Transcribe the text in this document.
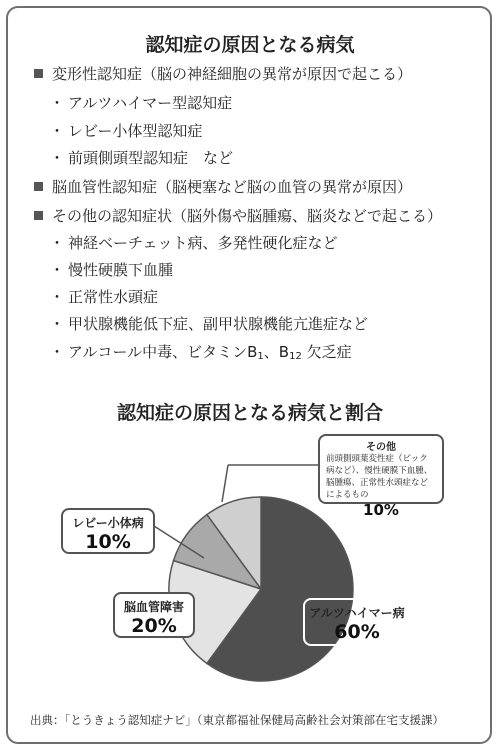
認知症の原因となる病気
変形性認知症（脳の神経細胞の異常が原因で起こる）
・ アルツハイマー型認知症
・ レビー小体型認知症
・ 前頭側頭型認知症　など
脳血管性認知症（脳梗塞など脳の血管の異常が原因）
その他の認知症状（脳外傷や脳腫瘍、脳炎などで起こる）
・ 神経ベーチェット病、多発性硬化症など
・ 慢性硬膜下血腫
・ 正常性水頭症
・ 甲状腺機能低下症、副甲状腺機能亢進症など
・ アルコール中毒、ビタミン$B_1$、$B_{12}$ 欠乏症
認知症の原因となる病気と割合
レビー小体病
10%
脳血管障害
20%
アルツハイマー病
60%
その他
前頭側頭葉変性症（ピック病など）、慢性硬膜下血腫、脳腫瘍、正常性水頭症などによるもの
10%
出典：「とうきょう認知症ナビ」（東京都福祉保健局高齢社会対策部在宅支援課）
